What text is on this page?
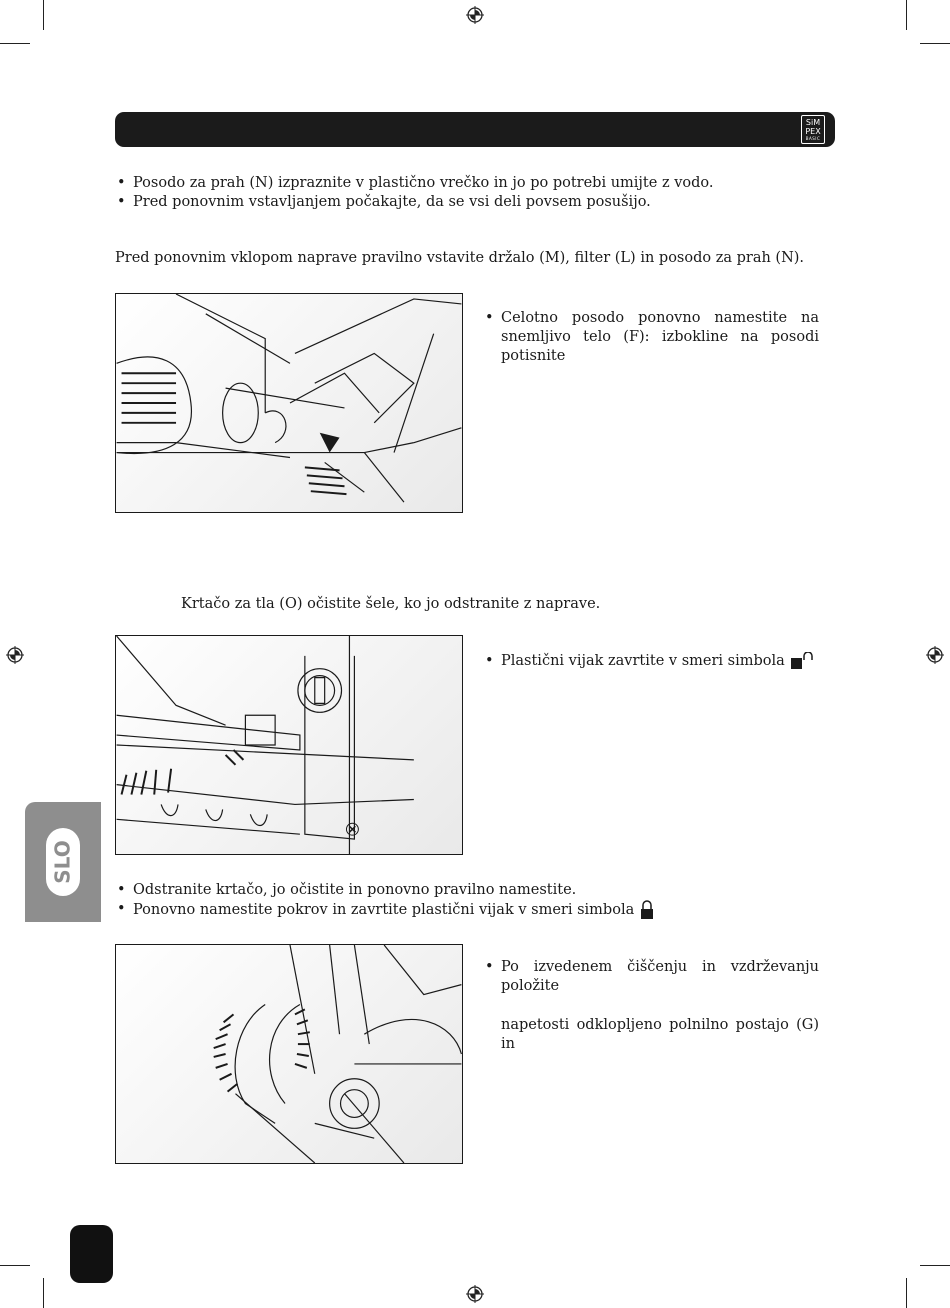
SiM
PEX
BASIC
• Posodo za prah (N) izpraznite v plastično vrečko in jo po potrebi umijte z vodo.
• Pred ponovnim vstavljanjem počakajte, da se vsi deli povsem posušijo.
Pred ponovnim vklopom naprave pravilno vstavite držalo (M), filter (L) in posodo za prah (N).
• Celotno posodo ponovno namestite na snemljivo telo (F): izbokline na posodi potisnite
Krtačo za tla (O) očistite šele, ko jo odstranite z naprave.
• Plastični vijak zavrtite v smeri simbola
• Odstranite krtačo, jo očistite in ponovno pravilno namestite.
• Ponovno namestite pokrov in zavrtite plastični vijak v smeri simbola
• Po izvedenem čiščenju in vzdrževanju položite
napetosti odklopljeno polnilno postajo (G) in
SLO
